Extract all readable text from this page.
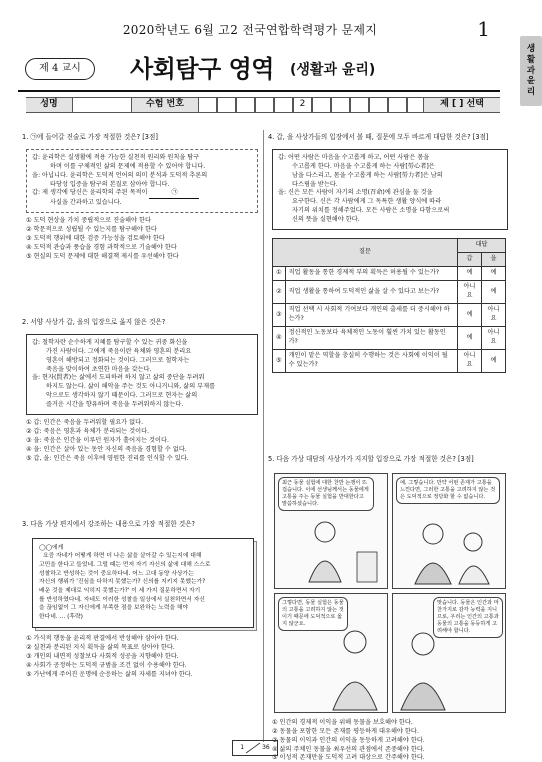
2020학년도 6월 고2 전국연합학력평가 문제지	1
생
활
과
윤
리
제 4 교시	사회탐구 영역 (생활과 윤리)
성명	수험 번호	2	제 [ ] 선택
1. ㉠에 들어갈 진술로 가장 적절한 것은? [3점]
갑: 윤리학은 실생활에 적용 가능한 실천적 원리와 원칙을 탐구
하며 이를 구체적인 삶의 문제에 적용할 수 있어야 합니다.
을: 아닙니다. 윤리학은 도덕적 언어의 의미 분석과 도덕적 추론의
타당성 입증을 탐구의 본질로 삼아야 합니다.
갑: 제 생각에 당신은 윤리학의 주된 목적이	㉠
사실을 간과하고 있습니다.
① 도덕 현상을 가치 중립적으로 진술해야 한다
② 학문적으로 성립될 수 있는지를 탐구해야 한다
③ 도덕적 행위에 대한 검증 가능성을 검토해야 한다
④ 도덕적 관습과 풍습을 경험 과학적으로 기술해야 한다
⑤ 현실의 도덕 문제에 대한 해결책 제시를 우선해야 한다
2. 서양 사상가 갑, 을의 입장으로 옳지 않은 것은?
갑: 철학자란 순수하게 지혜를 탐구할 수 있는 귀중 화신을
가진 사람이다. 그에게 죽음이란 육체와 영혼의 분리요
영혼이 해방되고 정화되는 것이다. 그러므로 철학자는
죽음을 맞이하여 초연한 마음을 갖는다.
을: 현자(賢者)는 삶에서 도피하려 하지 않고 삶의 중단을 두려워
하지도 않는다. 삶이 해악을 주는 것도 아니거니와, 삶의 부재를
악으로도 생각하지 않기 때문이다. 그러므로 현자는 삶의
즐거운 시간을 향유하며 죽음을 두려워하지 않는다.
① 갑: 인간은 죽음을 두려워할 필요가 없다.
② 갑: 죽음은 영혼과 육체가 분리되는 것이다.
③ 을: 죽음은 인간을 이루던 원자가 흩어지는 것이다.
④ 을: 인간은 살아 있는 동안 자신의 죽음을 경험할 수 없다.
⑤ 갑, 을: 인간은 죽음 이후에 영원한 진리를 인식할 수 있다.
3. 다음 가상 편지에서 강조하는 내용으로 가장 적절한 것은?
◯◯에게
요즘 자네가 어떻게 하면 더 나은 삶을 살아갈 수 있는지에 대해
고민을 한다고 들었네. 그럴 때는 먼저 자기 자신의 삶에 대해 스스로
성찰하고 반성하는 것이 중요하다네. 어느 고대 동양 사상가는
자신의 행위가 '진심을 다하지 못했는가? 신의를 지키지 못했는가?
배운 것을 제대로 익히지 못했는가?' 이 세 가지 질문하면서 자기
를 반성하였다네. 자네도 이러한 성찰을 일상에서 실천하면서 자신
을 끊임없이 그 자신에게 부족한 점을 보완하는 노력을 해야
한다네. … (후략)
① 가식적 행동을 윤리적 판결에서 반성해야 삼아야 한다.
② 실천과 분리된 지식 획득을 삶의 목표로 삼아야 한다.
③ 개인의 내면적 성찰보다 사회적 성공을 지향해야 한다.
④ 사회가 공정하는 도덕적 규범을 조건 없이 수용해야 한다.
⑤ 가난에게 주어진 운명에 순응하는 삶의 자세를 지녀야 한다.
4. 갑, 을 사상가들의 입장에서 볼 때, 질문에 모두 바르게 대답한 것은? [3점]
갑: 어떤 사람은 마음을 수고롭게 하고, 어떤 사람은 몸을
수고롭게 한다. 마음을 수고롭게 하는 사람[勞心者]은
남을 다스리고, 몸을 수고롭게 하는 사람[勞力者]은 남의
다스림을 받는다.
을: 신은 모든 사람이 자기의 소명(召命)에 관심을 둘 것을
요구한다. 신은 각 사람에게 그 독특한 생활 양식에 따라
자기의 위치를 정해주었다. 모든 사람은 소명을 다함으로써
신의 뜻을 실현해야 한다.
질문		대답	
		갑	을
①	직업 활동을 통한 경제적 부의 획득은 허용될 수 있는가?	예	예
②	직업 생활을 통하여 도덕적인 삶을 살 수 있다고 보는가?	아니요	예
③	직업 선택 시 사회적 기여보다 개인의 출세를 더 중시해야 하는가?	예	아니요
④	정신적인 노동보다 육체적인 노동이 훨씬 가치 있는 활동인가?	예	아니요
⑤	개인이 맡은 역할을 충실히 수행하는 것은 사회에 이익이 될 수 있는가?	아니요	예
5. 다음 가상 대담의 사상가가 지지할 입장으로 가장 적절한 것은? [3점]
최근 동물 실험에 대한 찬반 논쟁이 뜨겁습니다. 이에 선생님께서는 동물에게 고통을 주는 동물 실험을 반대한다고 말씀하셨습니다.
예, 그렇습니다. 만약 어떤 존재가 고통을 느낀다면, 그러한 고통을 고려하지 않는 것은 도덕적으로 정당화 할 수 없습니다.
그렇다면, 동물 실험은 동물의 고통을 고려하지 않는 것이기 때문에 도덕적으로 옳지 않군요.
맞습니다. 동물은 인간과 마찬가지로 감각 능력을 지니므로, 우리는 인간의 고통과 동물의 고통을 동등하게 고려해야 합니다.
① 인간의 경제적 이익을 위해 동물을 보호해야 한다.
② 동물을 포함한 모든 존재를 평등하게 대우해야 한다.
③ 동물의 이익과 인간의 이익을 동등하게 고려해야 한다.
④ 삶의 주체인 동물을 최우선의 관점에서 존중해야 한다.
⑤ 이성적 존재만을 도덕적 고려 대상으로 간주해야 한다.
1	36
